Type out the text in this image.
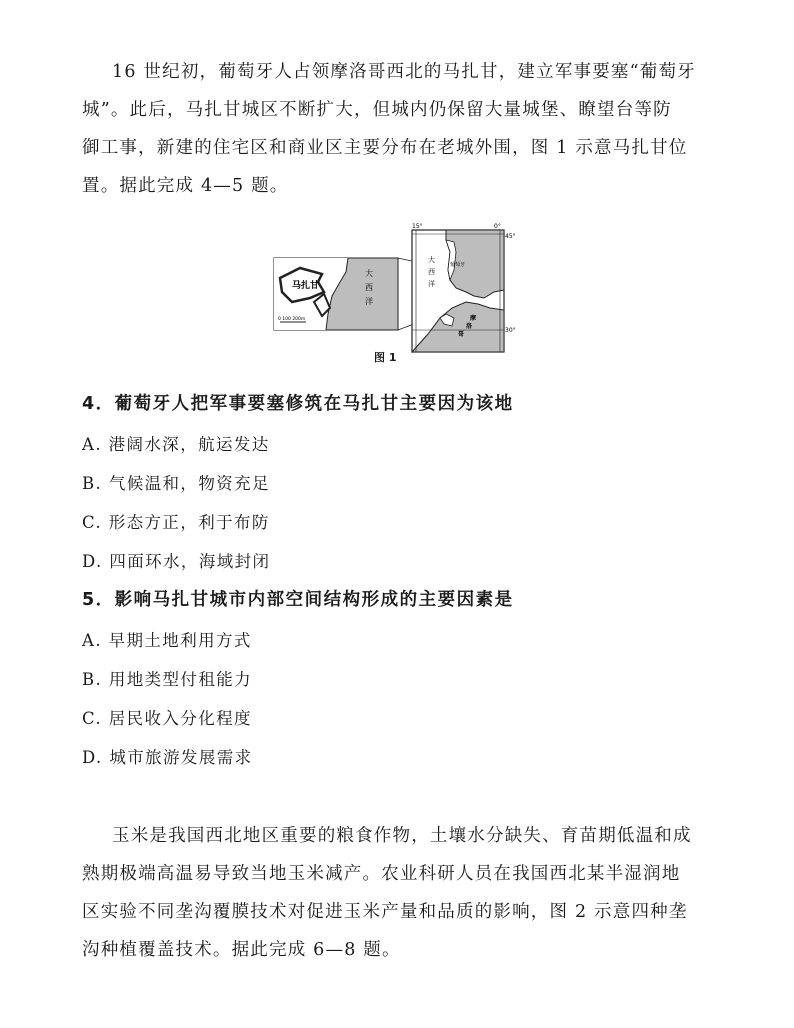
16 世纪初，葡萄牙人占领摩洛哥西北的马扎甘，建立军事要塞“葡萄牙
城”。此后，马扎甘城区不断扩大，但城内仍保留大量城堡、瞭望台等防
御工事，新建的住宅区和商业区主要分布在老城外围，图 1 示意马扎甘位
置。据此完成 4—5 题。

马扎甘
大
西
洋
0 100 200m
大
西
洋
葡萄牙
摩
洛
哥
15°	0°
45°
30°
图 1

4．葡萄牙人把军事要塞修筑在马扎甘主要因为该地

A. 港阔水深，航运发达

B. 气候温和，物资充足

C. 形态方正，利于布防

D. 四面环水，海域封闭

5．影响马扎甘城市内部空间结构形成的主要因素是

A. 早期土地利用方式

B. 用地类型付租能力

C. 居民收入分化程度

D. 城市旅游发展需求

玉米是我国西北地区重要的粮食作物，土壤水分缺失、育苗期低温和成
熟期极端高温易导致当地玉米减产。农业科研人员在我国西北某半湿润地
区实验不同垄沟覆膜技术对促进玉米产量和品质的影响，图 2 示意四种垄
沟种植覆盖技术。据此完成 6—8 题。
